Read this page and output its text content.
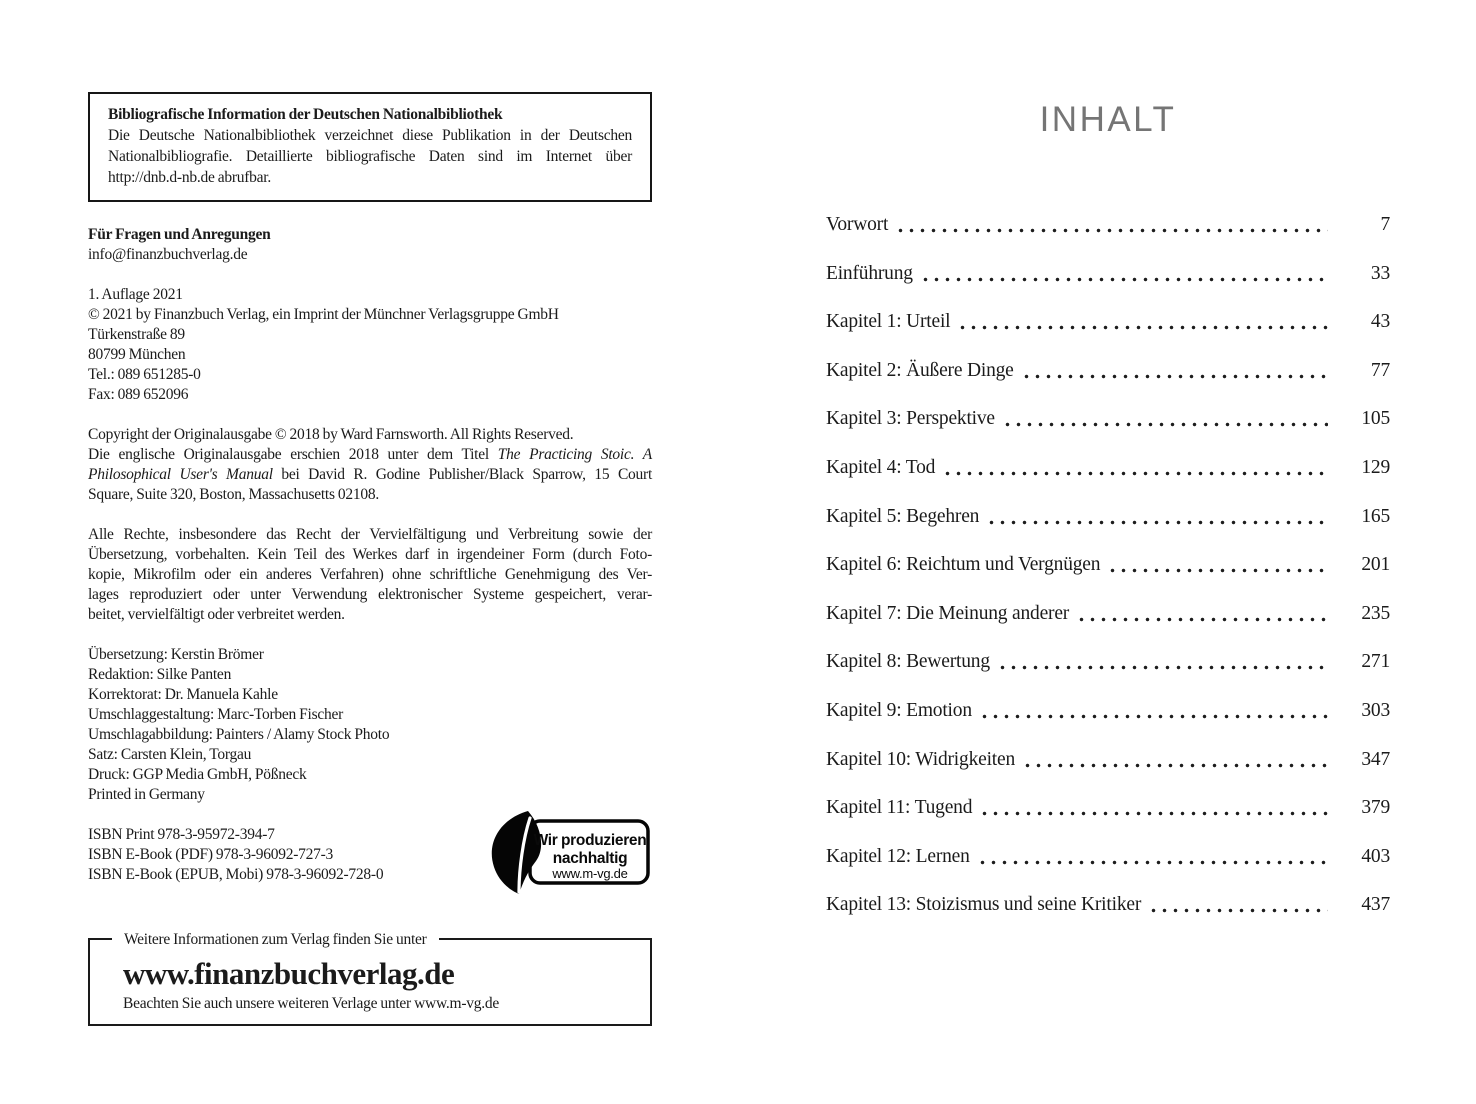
Bibliografische Information der Deutschen Nationalbibliothek
Die Deutsche Nationalbibliothek verzeichnet diese Publikation in der Deutschen
Nationalbibliografie. Detaillierte bibliografische Daten sind im Internet über
http://dnb.d-nb.de abrufbar.
Für Fragen und Anregungen
info@finanzbuchverlag.de
1. Auflage 2021
© 2021 by Finanzbuch Verlag, ein Imprint der Münchner Verlagsgruppe GmbH
Türkenstraße 89
80799 München
Tel.: 089 651285-0
Fax: 089 652096
Copyright der Originalausgabe © 2018 by Ward Farnsworth. All Rights Reserved.
Die englische Originalausgabe erschien 2018 unter dem Titel The Practicing Stoic. A
Philosophical User's Manual bei David R. Godine Publisher/Black Sparrow, 15 Court
Square, Suite 320, Boston, Massachusetts 02108.
Alle Rechte, insbesondere das Recht der Vervielfältigung und Verbreitung sowie der
Übersetzung, vorbehalten. Kein Teil des Werkes darf in irgendeiner Form (durch Foto-
kopie, Mikrofilm oder ein anderes Verfahren) ohne schriftliche Genehmigung des Ver-
lages reproduziert oder unter Verwendung elektronischer Systeme gespeichert, verar-
beitet, vervielfältigt oder verbreitet werden.
Übersetzung: Kerstin Brömer
Redaktion: Silke Panten
Korrektorat: Dr. Manuela Kahle
Umschlaggestaltung: Marc-Torben Fischer
Umschlagabbildung: Painters / Alamy Stock Photo
Satz: Carsten Klein, Torgau
Druck: GGP Media GmbH, Pößneck
Printed in Germany
ISBN Print 978-3-95972-394-7
ISBN E-Book (PDF) 978-3-96092-727-3
ISBN E-Book (EPUB, Mobi) 978-3-96092-728-0
Wir produzieren
nachhaltig
www.m-vg.de
Weitere Informationen zum Verlag finden Sie unter
www.finanzbuchverlag.de
Beachten Sie auch unsere weiteren Verlage unter www.m-vg.de
INHALT
Vorwort	7
Einführung	33
Kapitel 1: Urteil	43
Kapitel 2: Äußere Dinge	77
Kapitel 3: Perspektive	105
Kapitel 4: Tod	129
Kapitel 5: Begehren	165
Kapitel 6: Reichtum und Vergnügen	201
Kapitel 7: Die Meinung anderer	235
Kapitel 8: Bewertung	271
Kapitel 9: Emotion	303
Kapitel 10: Widrigkeiten	347
Kapitel 11: Tugend	379
Kapitel 12: Lernen	403
Kapitel 13: Stoizismus und seine Kritiker	437
